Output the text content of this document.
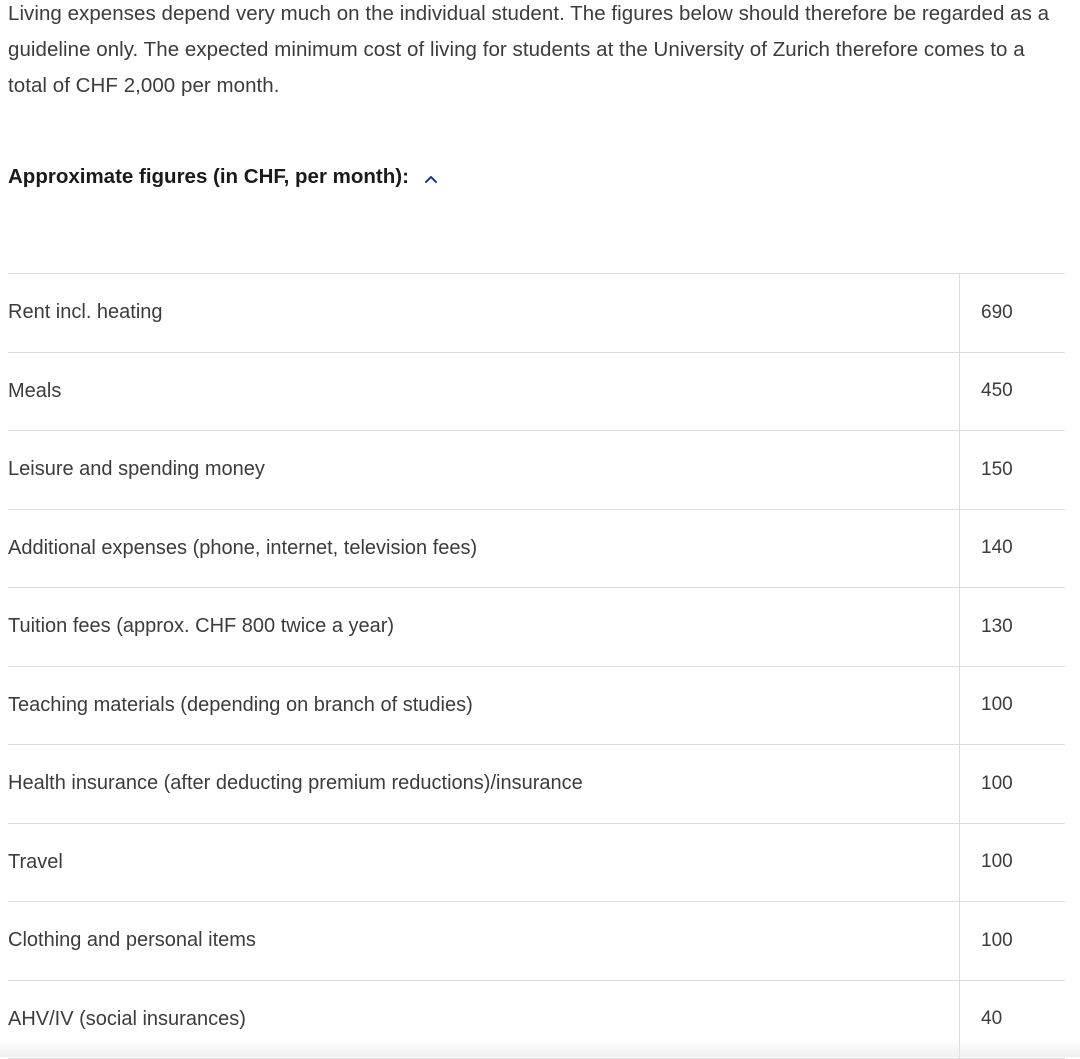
Living expenses depend very much on the individual student. The figures below should therefore be regarded as a guideline only. The expected minimum cost of living for students at the University of Zurich therefore comes to a total of CHF 2,000 per month.

Approximate figures (in CHF, per month):
Rent incl. heating	690
Meals	450
Leisure and spending money	150
Additional expenses (phone, internet, television fees)	140
Tuition fees (approx. CHF 800 twice a year)	130
Teaching materials (depending on branch of studies)	100
Health insurance (after deducting premium reductions)/insurance	100
Travel	100
Clothing and personal items	100
AHV/IV (social insurances)	40
